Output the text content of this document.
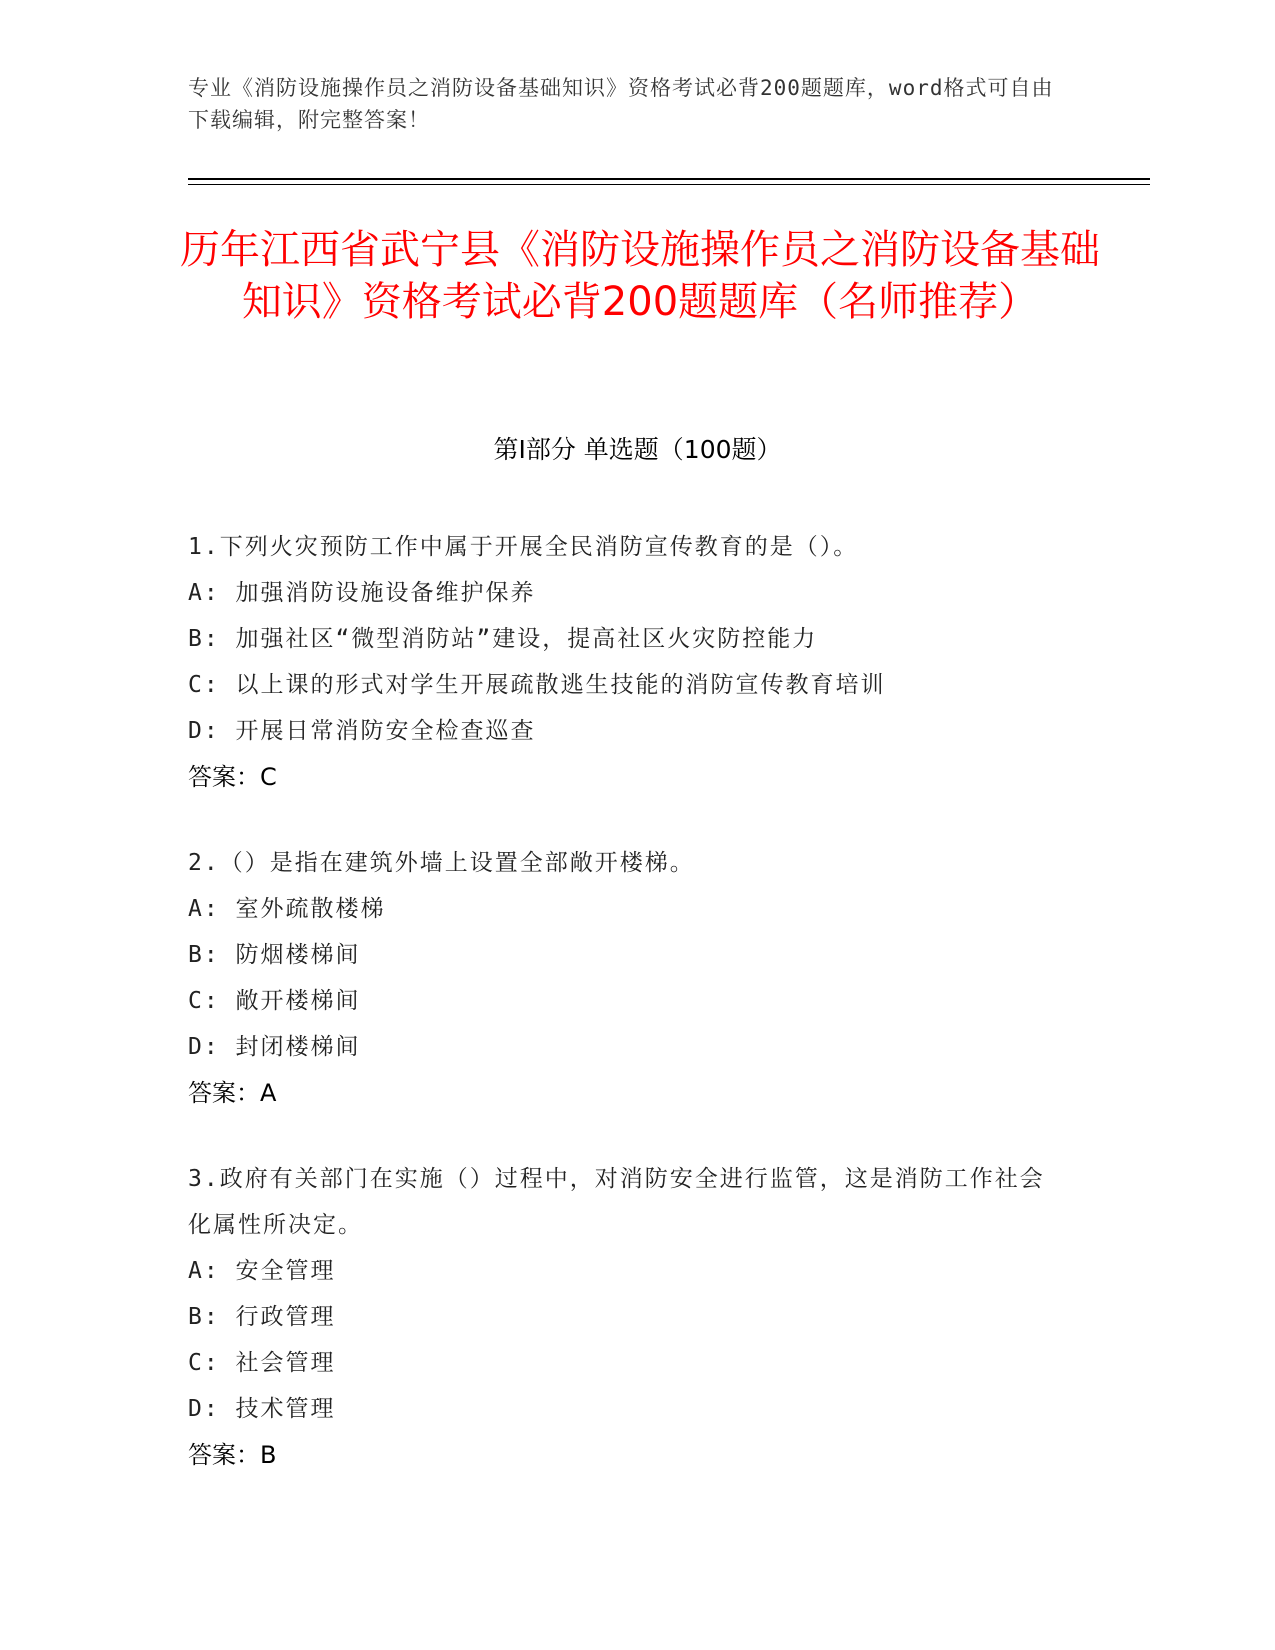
专业《消防设施操作员之消防设备基础知识》资格考试必背200题题库，word格式可自由下载编辑，附完整答案！
历年江西省武宁县《消防设施操作员之消防设备基础知识》资格考试必背200题题库（名师推荐）
第Ⅰ部分 单选题（100题）
1.下列火灾预防工作中属于开展全民消防宣传教育的是（）。
A: 加强消防设施设备维护保养
B: 加强社区“微型消防站”建设，提高社区火灾防控能力
C: 以上课的形式对学生开展疏散逃生技能的消防宣传教育培训
D: 开展日常消防安全检查巡查
答案：C
2.（）是指在建筑外墙上设置全部敞开楼梯。
A: 室外疏散楼梯
B: 防烟楼梯间
C: 敞开楼梯间
D: 封闭楼梯间
答案：A
3.政府有关部门在实施（）过程中，对消防安全进行监管，这是消防工作社会化属性所决定。
A: 安全管理
B: 行政管理
C: 社会管理
D: 技术管理
答案：B
